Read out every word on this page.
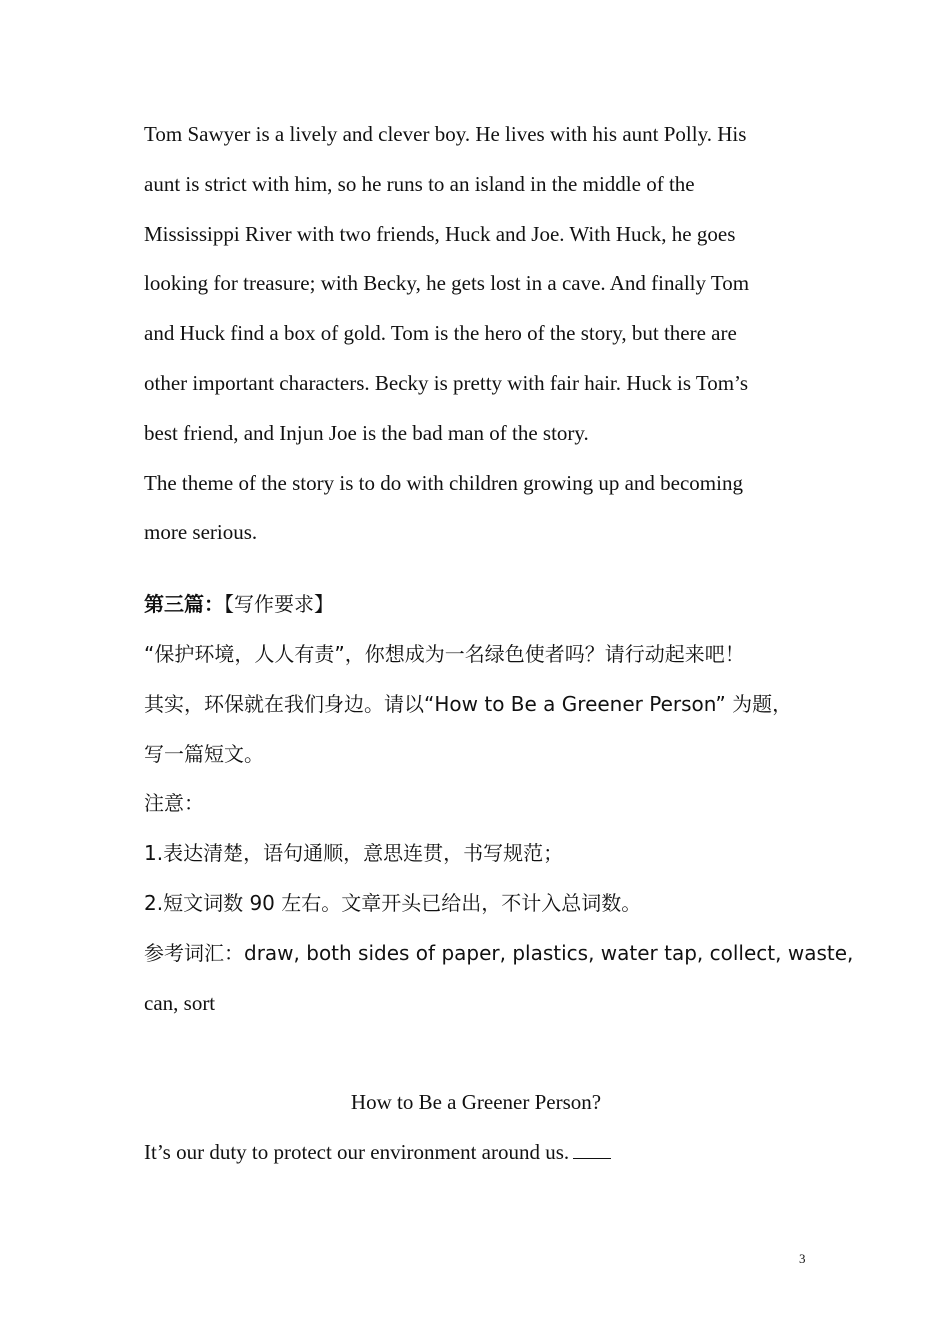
Tom Sawyer is a lively and clever boy. He lives with his aunt Polly. His
aunt is strict with him, so he runs to an island in the middle of the
Mississippi River with two friends, Huck and Joe. With Huck, he goes
looking for treasure; with Becky, he gets lost in a cave. And finally Tom
and Huck find a box of gold. Tom is the hero of the story, but there are
other important characters. Becky is pretty with fair hair. Huck is Tom’s
best friend, and Injun Joe is the bad man of the story.
The theme of the story is to do with children growing up and becoming
more serious.
第三篇：【写作要求】
“保护环境，人人有责”，你想成为一名绿色使者吗？请行动起来吧！
其实，环保就在我们身边。请以“How to Be a Greener Person” 为题，
写一篇短文。
注意：
1.表达清楚，语句通顺，意思连贯，书写规范；
2.短文词数 90 左右。文章开头已给出，不计入总词数。
参考词汇：draw, both sides of paper, plastics, water tap, collect, waste,
can, sort
How to Be a Greener Person?
It’s our duty to protect our environment around us.
3
